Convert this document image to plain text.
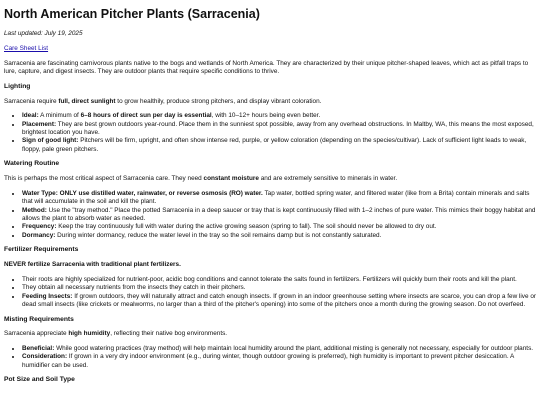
North American Pitcher Plants (Sarracenia)

Last updated: July 19, 2025

Care Sheet List

Sarracenia are fascinating carnivorous plants native to the bogs and wetlands of North America. They are characterized by their unique pitcher-shaped leaves, which act as pitfall traps to lure, capture, and digest insects. They are outdoor plants that require specific conditions to thrive.

Lighting

Sarracenia require full, direct sunlight to grow healthily, produce strong pitchers, and display vibrant coloration.

• Ideal: A minimum of 6–8 hours of direct sun per day is essential, with 10–12+ hours being even better.
• Placement: They are best grown outdoors year-round. Place them in the sunniest spot possible, away from any overhead obstructions. In Maltby, WA, this means the most exposed, brightest location you have.
• Sign of good light: Pitchers will be firm, upright, and often show intense red, purple, or yellow coloration (depending on the species/cultivar). Lack of sufficient light leads to weak, floppy, pale green pitchers.
Watering Routine

This is perhaps the most critical aspect of Sarracenia care. They need constant moisture and are extremely sensitive to minerals in water.

• Water Type: ONLY use distilled water, rainwater, or reverse osmosis (RO) water. Tap water, bottled spring water, and filtered water (like from a Brita) contain minerals and salts that will accumulate in the soil and kill the plant.
• Method: Use the "tray method." Place the potted Sarracenia in a deep saucer or tray that is kept continuously filled with 1–2 inches of pure water. This mimics their boggy habitat and allows the plant to absorb water as needed.
• Frequency: Keep the tray continuously full with water during the active growing season (spring to fall). The soil should never be allowed to dry out.
• Dormancy: During winter dormancy, reduce the water level in the tray so the soil remains damp but is not constantly saturated.
Fertilizer Requirements

NEVER fertilize Sarracenia with traditional plant fertilizers.

• Their roots are highly specialized for nutrient-poor, acidic bog conditions and cannot tolerate the salts found in fertilizers. Fertilizers will quickly burn their roots and kill the plant.
• They obtain all necessary nutrients from the insects they catch in their pitchers.
• Feeding Insects: If grown outdoors, they will naturally attract and catch enough insects. If grown in an indoor greenhouse setting where insects are scarce, you can drop a few live or dead small insects (like crickets or mealworms, no larger than a third of the pitcher's opening) into some of the pitchers once a month during the growing season. Do not overfeed.
Misting Requirements

Sarracenia appreciate high humidity, reflecting their native bog environments.

• Beneficial: While good watering practices (tray method) will help maintain local humidity around the plant, additional misting is generally not necessary, especially for outdoor plants.
• Consideration: If grown in a very dry indoor environment (e.g., during winter, though outdoor growing is preferred), high humidity is important to prevent pitcher desiccation. A humidifier can be used.
Pot Size and Soil Type
